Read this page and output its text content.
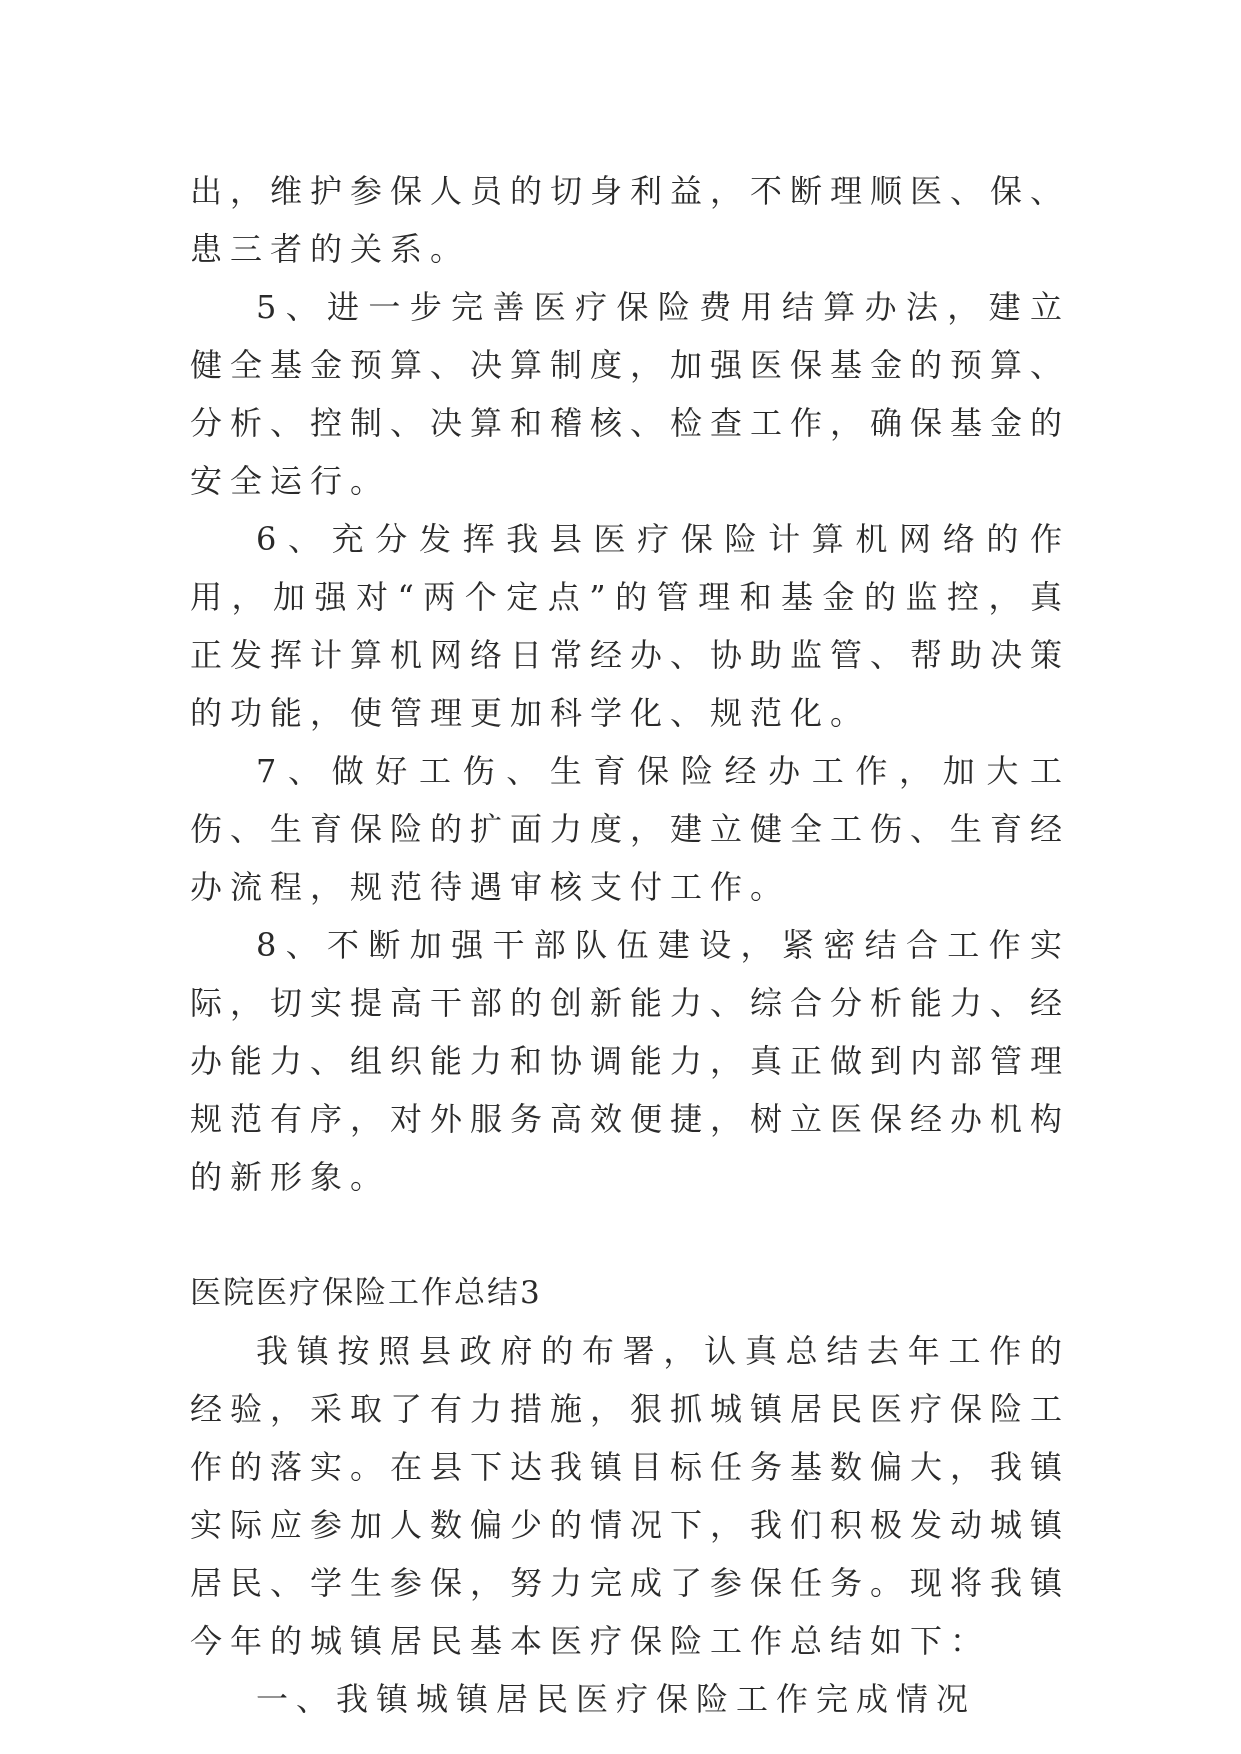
出，维护参保人员的切身利益，不断理顺医、保、患三者的关系。

5、进一步完善医疗保险费用结算办法，建立健全基金预算、决算制度，加强医保基金的预算、分析、控制、决算和稽核、检查工作，确保基金的安全运行。

6、充分发挥我县医疗保险计算机网络的作用，加强对“两个定点”的管理和基金的监控，真正发挥计算机网络日常经办、协助监管、帮助决策的功能，使管理更加科学化、规范化。

7、做好工伤、生育保险经办工作，加大工伤、生育保险的扩面力度，建立健全工伤、生育经办流程，规范待遇审核支付工作。

8、不断加强干部队伍建设，紧密结合工作实际，切实提高干部的创新能力、综合分析能力、经办能力、组织能力和协调能力，真正做到内部管理规范有序，对外服务高效便捷，树立医保经办机构的新形象。

医院医疗保险工作总结3

我镇按照县政府的布署，认真总结去年工作的经验，采取了有力措施，狠抓城镇居民医疗保险工作的落实。在县下达我镇目标任务基数偏大，我镇实际应参加人数偏少的情况下，我们积极发动城镇居民、学生参保，努力完成了参保任务。现将我镇今年的城镇居民基本医疗保险工作总结如下：

一、我镇城镇居民医疗保险工作完成情况
